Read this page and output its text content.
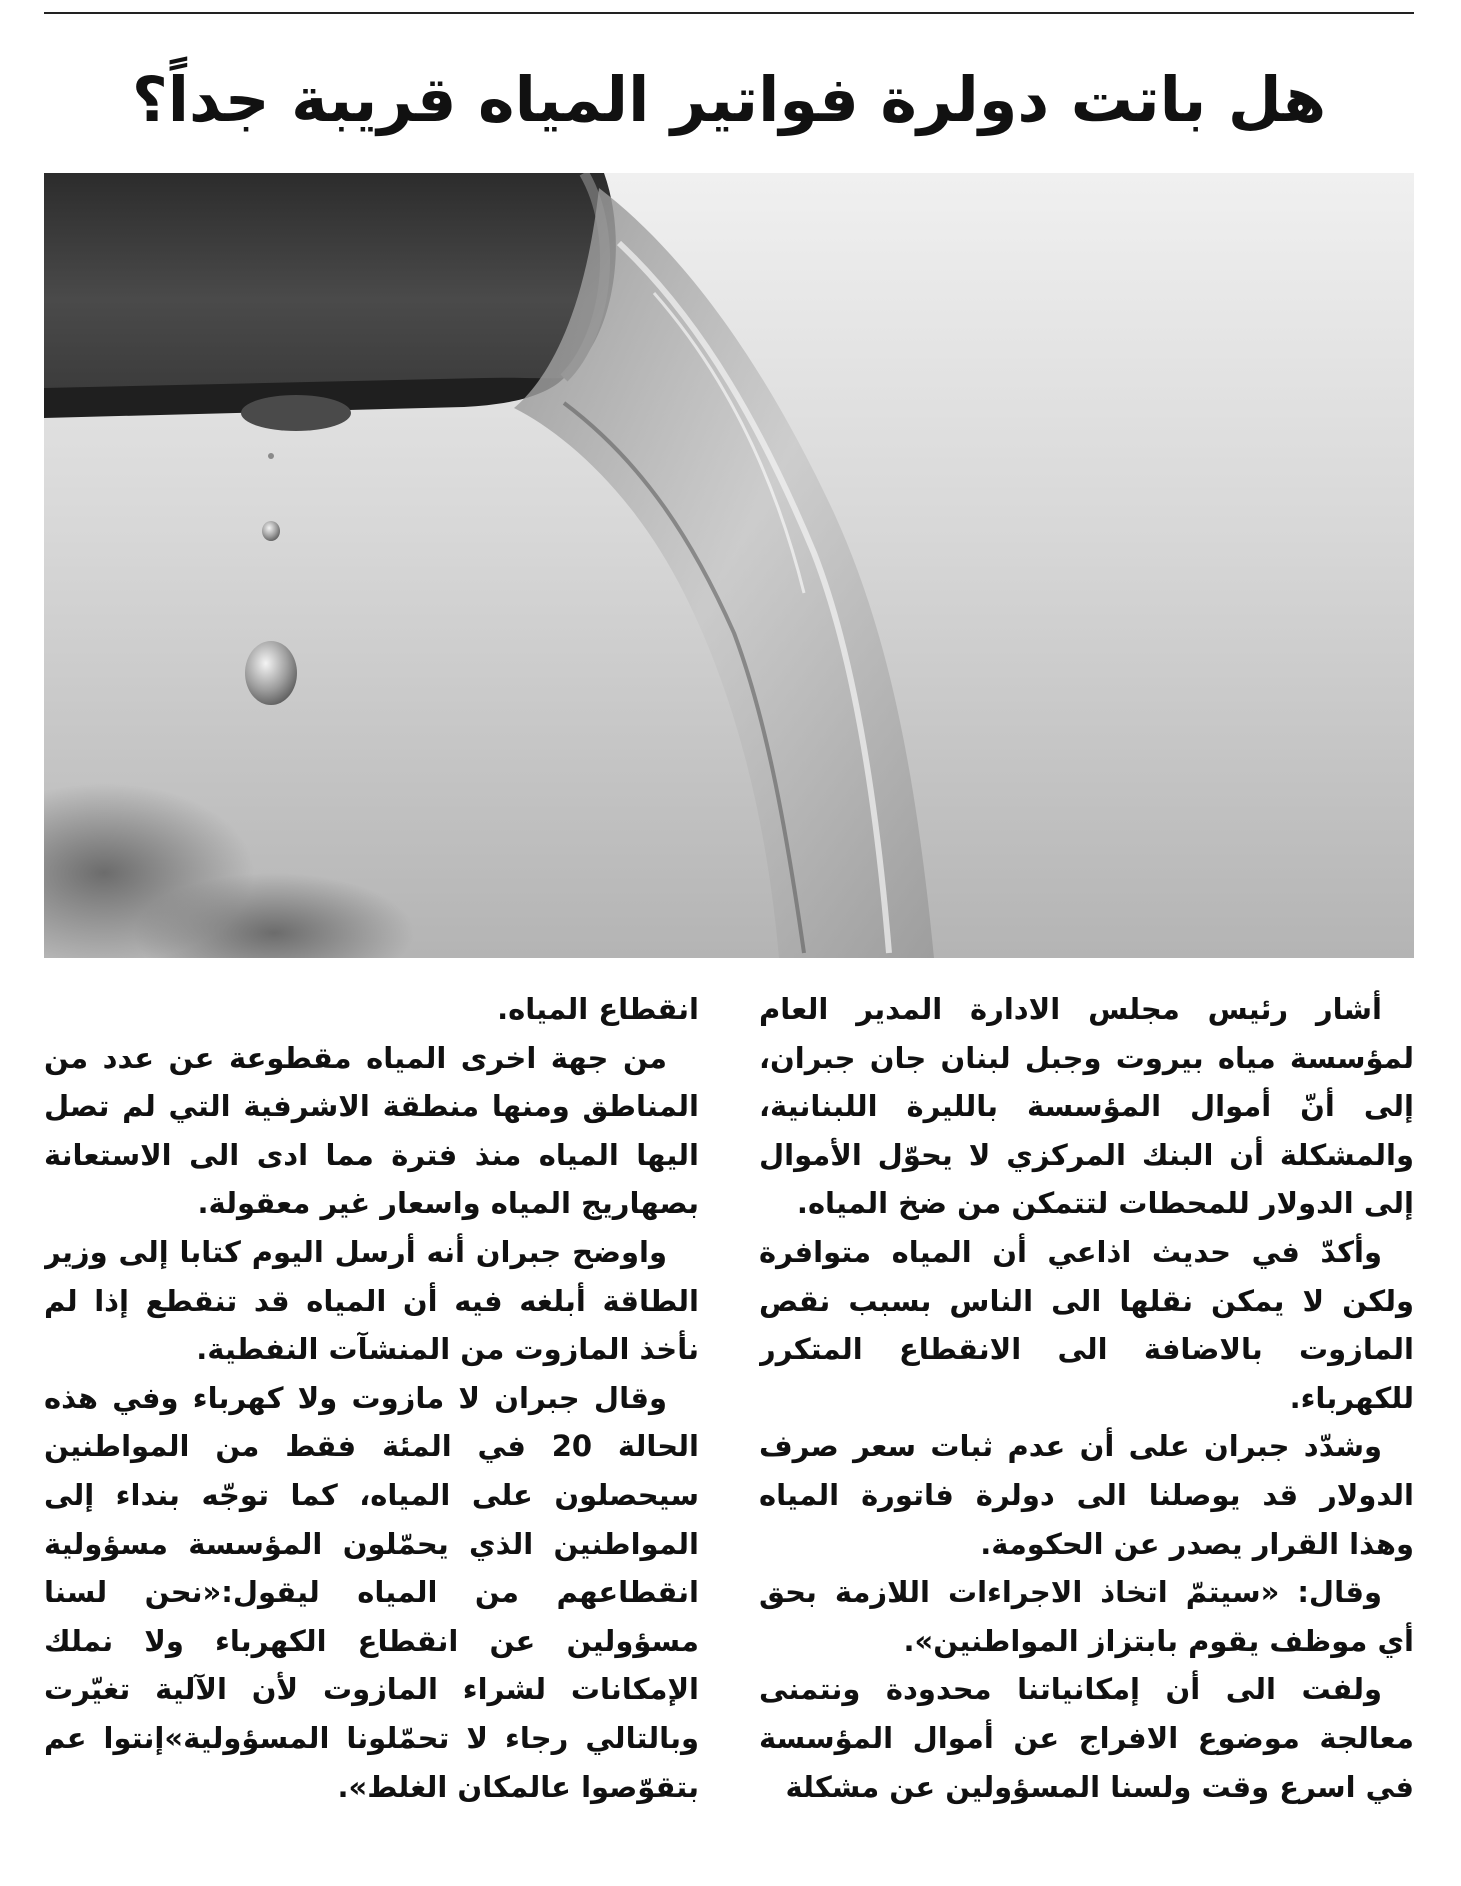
هل باتت دولرة فواتير المياه قريبة جداً؟

أشار رئيس مجلس الادارة المدير العام لمؤسسة مياه بيروت وجبل لبنان جان جبران، إلى أنّ أموال المؤسسة بالليرة اللبنانية، والمشكلة أن البنك المركزي لا يحوّل الأموال إلى الدولار للمحطات لتتمكن من ضخ المياه.

وأكدّ في حديث اذاعي أن المياه متوافرة ولكن لا يمكن نقلها الى الناس بسبب نقص المازوت بالاضافة الى الانقطاع المتكرر للكهرباء.

وشدّد جبران على أن عدم ثبات سعر صرف الدولار قد يوصلنا الى دولرة فاتورة المياه وهذا القرار يصدر عن الحكومة.

وقال: «سيتمّ اتخاذ الاجراءات اللازمة بحق أي موظف يقوم بابتزاز المواطنين».

ولفت الى أن إمكانياتنا محدودة ونتمنى معالجة موضوع الافراج عن أموال المؤسسة في اسرع وقت ولسنا المسؤولين عن مشكلة

انقطاع المياه.

من جهة اخرى المياه مقطوعة عن عدد من المناطق ومنها منطقة الاشرفية التي لم تصل اليها المياه منذ فترة مما ادى الى الاستعانة بصهاريج المياه واسعار غير معقولة.

واوضح جبران أنه أرسل اليوم كتابا إلى وزير الطاقة أبلغه فيه أن المياه قد تنقطع إذا لم نأخذ المازوت من المنشآت النفطية.

وقال جبران لا مازوت ولا كهرباء وفي هذه الحالة 20 في المئة فقط من المواطنين سيحصلون على المياه، كما توجّه بنداء إلى المواطنين الذي يحمّلون المؤسسة مسؤولية انقطاعهم من المياه ليقول:«نحن لسنا مسؤولين عن انقطاع الكهرباء ولا نملك الإمكانات لشراء المازوت لأن الآلية تغيّرت وبالتالي رجاء لا تحمّلونا المسؤولية»إنتوا عم بتقوّصوا عالمكان الغلط».
